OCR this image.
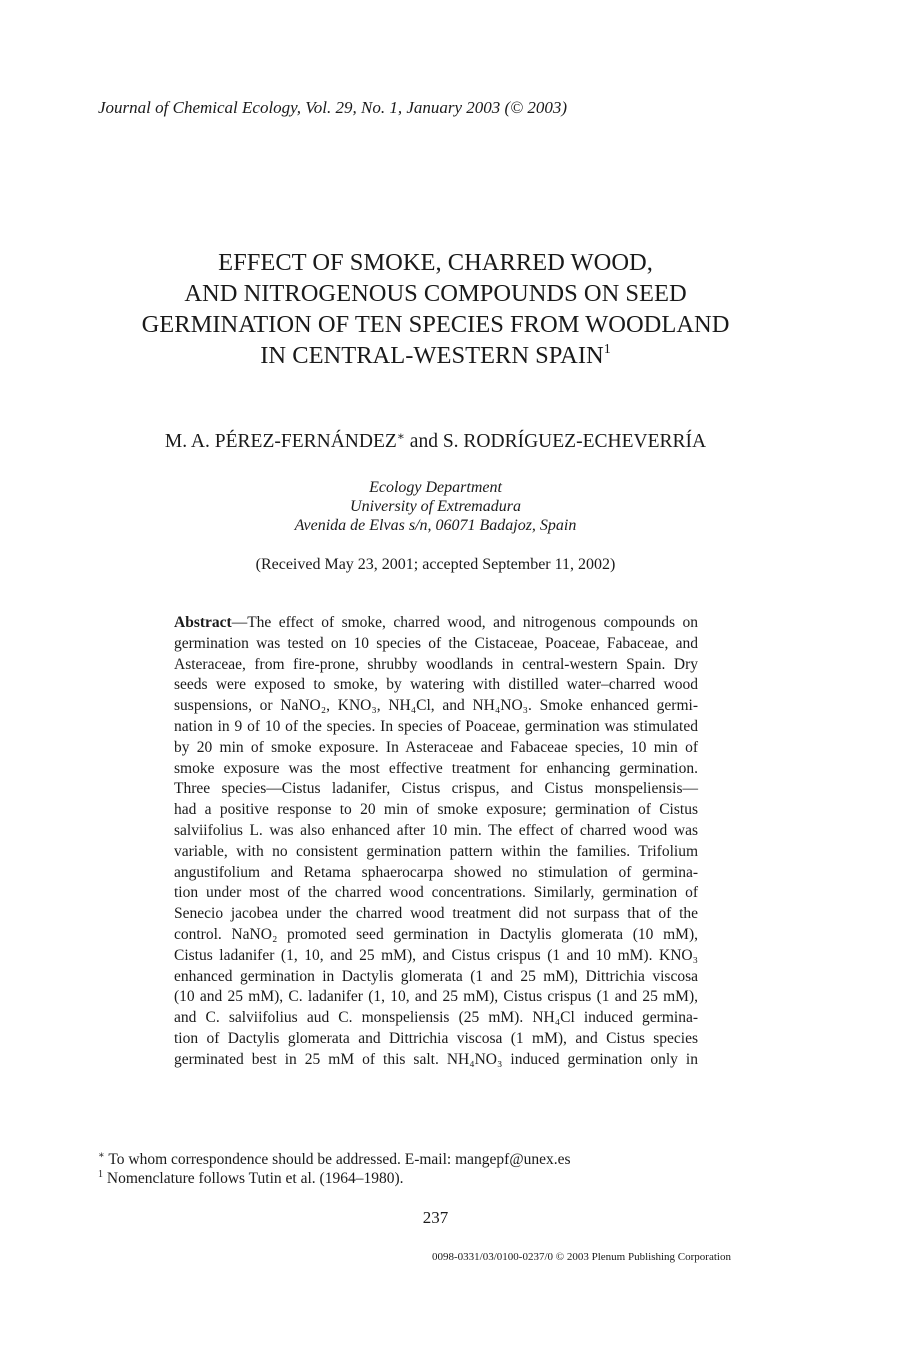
Journal of Chemical Ecology, Vol. 29, No. 1, January 2003 (© 2003)
EFFECT OF SMOKE, CHARRED WOOD,
AND NITROGENOUS COMPOUNDS ON SEED
GERMINATION OF TEN SPECIES FROM WOODLAND
IN CENTRAL-WESTERN SPAIN$^1$
M. A. PÉREZ-FERNÁNDEZ∗ and S. RODRÍGUEZ-ECHEVERRÍA
Ecology Department
University of Extremadura
Avenida de Elvas s/n, 06071 Badajoz, Spain
(Received May 23, 2001; accepted September 11, 2002)
Abstract—The effect of smoke, charred wood, and nitrogenous compounds on
germination was tested on 10 species of the Cistaceae, Poaceae, Fabaceae, and
Asteraceae, from fire-prone, shrubby woodlands in central-western Spain. Dry
seeds were exposed to smoke, by watering with distilled water–charred wood
suspensions, or NaNO₂, KNO₃, NH₄Cl, and NH₄NO₃. Smoke enhanced germi-
nation in 9 of 10 of the species. In species of Poaceae, germination was stimulated
by 20 min of smoke exposure. In Asteraceae and Fabaceae species, 10 min of
smoke exposure was the most effective treatment for enhancing germination.
Three species—Cistus ladanifer, Cistus crispus, and Cistus monspeliensis—
had a positive response to 20 min of smoke exposure; germination of Cistus
salviifolius L. was also enhanced after 10 min. The effect of charred wood was
variable, with no consistent germination pattern within the families. Trifolium
angustifolium and Retama sphaerocarpa showed no stimulation of germina-
tion under most of the charred wood concentrations. Similarly, germination of
Senecio jacobea under the charred wood treatment did not surpass that of the
control. NaNO₂ promoted seed germination in Dactylis glomerata (10 mM),
Cistus ladanifer (1, 10, and 25 mM), and Cistus crispus (1 and 10 mM). KNO₃
enhanced germination in Dactylis glomerata (1 and 25 mM), Dittrichia viscosa
(10 and 25 mM), C. ladanifer (1, 10, and 25 mM), Cistus crispus (1 and 25 mM),
and C. salviifolius aud C. monspeliensis (25 mM). NH₄Cl induced germina-
tion of Dactylis glomerata and Dittrichia viscosa (1 mM), and Cistus species
germinated best in 25 mM of this salt. NH₄NO₃ induced germination only in
∗ To whom correspondence should be addressed. E-mail: mangepf@unex.es
$^1$ Nomenclature follows Tutin et al. (1964–1980).
237
0098-0331/03/0100-0237/0 © 2003 Plenum Publishing Corporation
